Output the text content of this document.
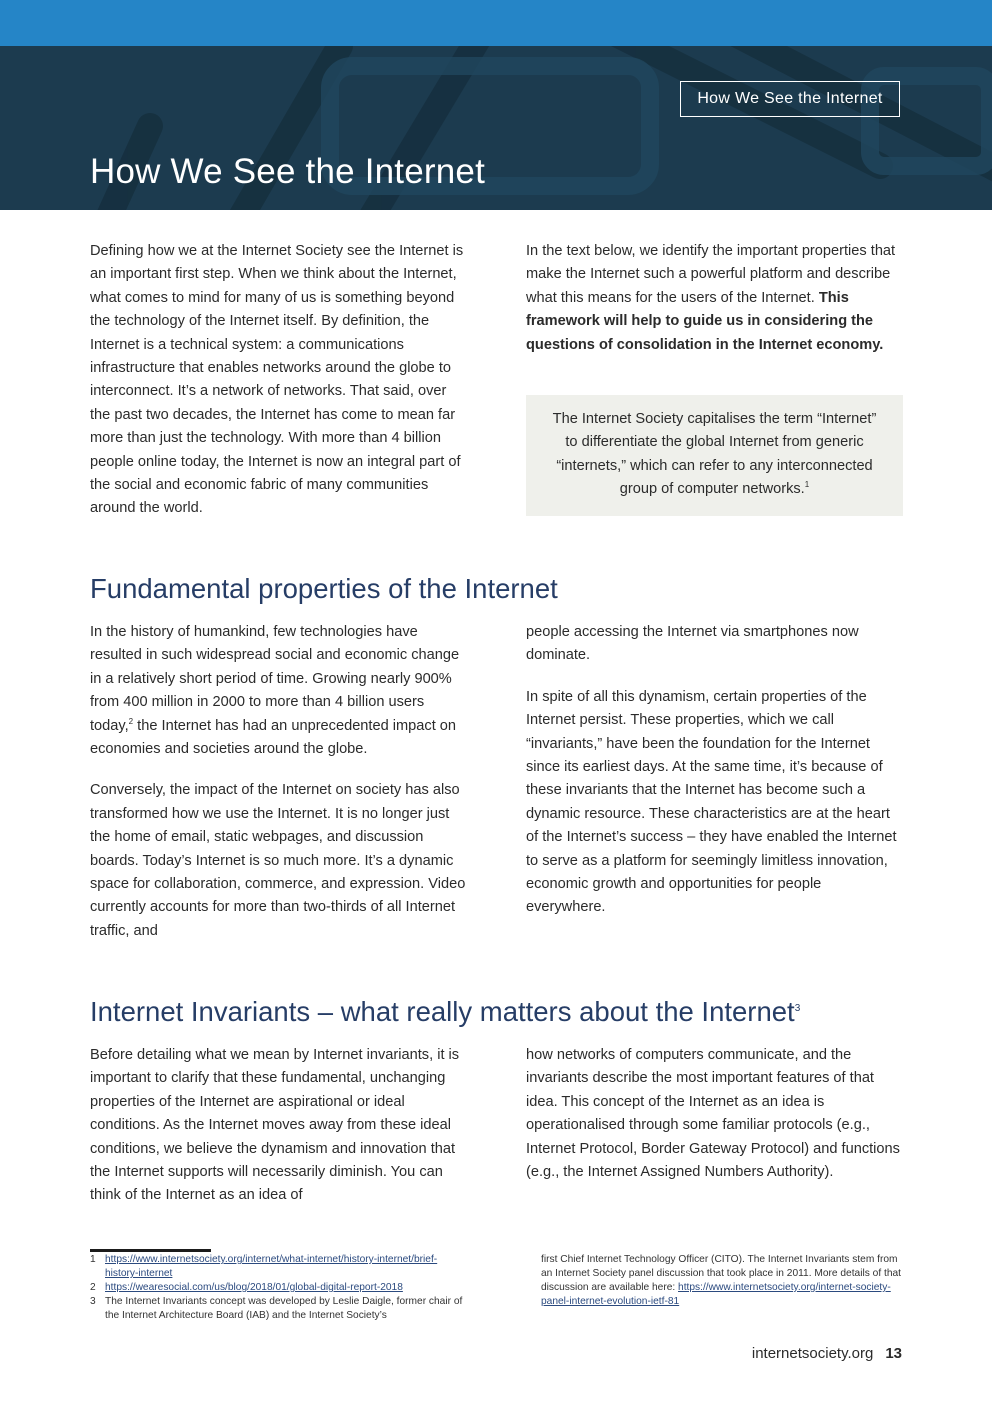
How We See the Internet
How We See the Internet

Defining how we at the Internet Society see the Internet is an important first step. When we think about the Internet, what comes to mind for many of us is something beyond the technology of the Internet itself. By definition, the Internet is a technical system: a communications infrastructure that enables networks around the globe to interconnect. It’s a network of networks. That said, over the past two decades, the Internet has come to mean far more than just the technology. With more than 4 billion people online today, the Internet is now an integral part of the social and economic fabric of many communities around the world.

In the text below, we identify the important properties that make the Internet such a powerful platform and describe what this means for the users of the Internet. This framework will help to guide us in considering the questions of consolidation in the Internet economy.

The Internet Society capitalises the term “Internet” to differentiate the global Internet from generic “internets,” which can refer to any interconnected group of computer networks.$^1$
Fundamental properties of the Internet

In the history of humankind, few technologies have resulted in such widespread social and economic change in a relatively short period of time. Growing nearly 900% from 400 million in 2000 to more than 4 billion users today,$^2$ the Internet has had an unprecedented impact on economies and societies around the globe.

Conversely, the impact of the Internet on society has also transformed how we use the Internet. It is no longer just the home of email, static webpages, and discussion boards. Today’s Internet is so much more. It’s a dynamic space for collaboration, commerce, and expression. Video currently accounts for more than two-thirds of all Internet traffic, and

people accessing the Internet via smartphones now dominate.

In spite of all this dynamism, certain properties of the Internet persist. These properties, which we call “invariants,” have been the foundation for the Internet since its earliest days. At the same time, it’s because of these invariants that the Internet has become such a dynamic resource. These characteristics are at the heart of the Internet’s success – they have enabled the Internet to serve as a platform for seemingly limitless innovation, economic growth and opportunities for people everywhere.

Internet Invariants – what really matters about the Internet$^3$

Before detailing what we mean by Internet invariants, it is important to clarify that these fundamental, unchanging properties of the Internet are aspirational or ideal conditions. As the Internet moves away from these ideal conditions, we believe the dynamism and innovation that the Internet supports will necessarily diminish. You can think of the Internet as an idea of

how networks of computers communicate, and the invariants describe the most important features of that idea. This concept of the Internet as an idea is operationalised through some familiar protocols (e.g., Internet Protocol, Border Gateway Protocol) and functions (e.g., the Internet Assigned Numbers Authority).

1 https://www.internetsociety.org/internet/what-internet/history-internet/brief-history-internet
2 https://wearesocial.com/us/blog/2018/01/global-digital-report-2018
3 The Internet Invariants concept was developed by Leslie Daigle, former chair of the Internet Architecture Board (IAB) and the Internet Society’s
first Chief Internet Technology Officer (CITO). The Internet Invariants stem from an Internet Society panel discussion that took place in 2011. More details of that discussion are available here: https://www.internetsociety.org/internet-society-panel-internet-evolution-ietf-81
internetsociety.org 13
